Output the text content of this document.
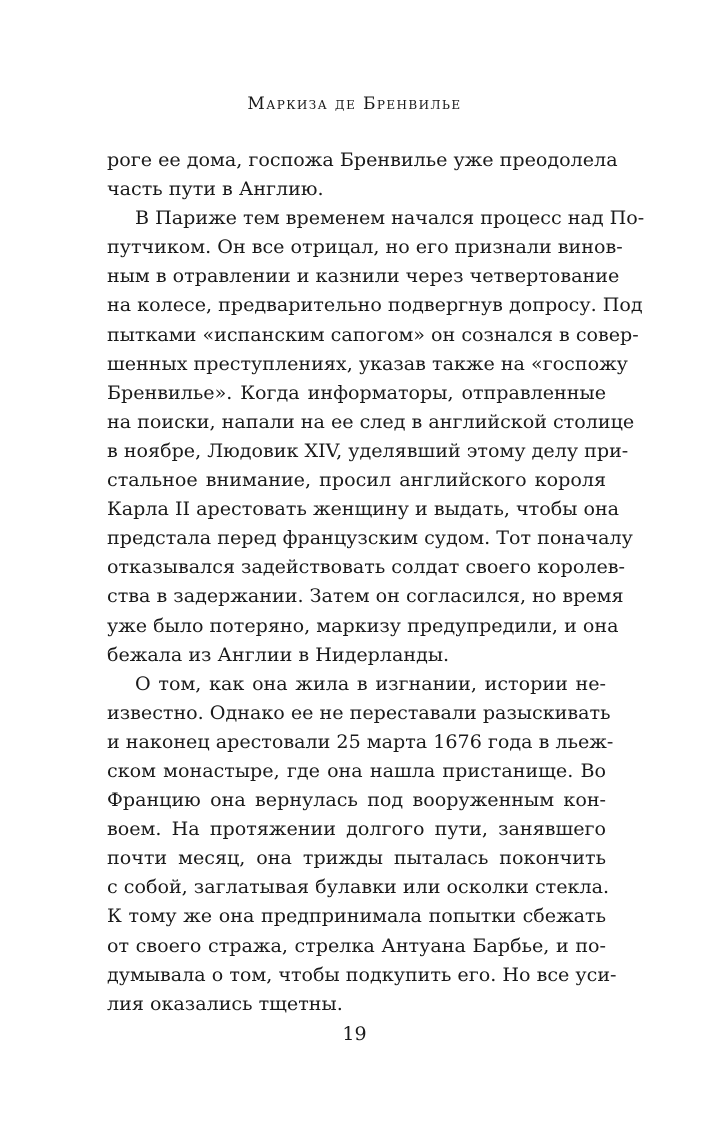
Маркиза де Бренвилье
роге ее дома, госпожа Бренвилье уже преодолела
часть пути в Англию.
В Париже тем временем начался процесс над По-
путчиком. Он все отрицал, но его признали винов-
ным в отравлении и казнили через четвертование
на колесе, предварительно подвергнув допросу. Под
пытками «испанским сапогом» он сознался в совер-
шенных преступлениях, указав также на «госпожу
Бренвилье». Когда информаторы, отправленные
на поиски, напали на ее след в английской столице
в ноябре, Людовик XIV, уделявший этому делу при-
стальное внимание, просил английского короля
Карла II арестовать женщину и выдать, чтобы она
предстала перед французским судом. Тот поначалу
отказывался задействовать солдат своего королев-
ства в задержании. Затем он согласился, но время
уже было потеряно, маркизу предупредили, и она
бежала из Англии в Нидерланды.
О том, как она жила в изгнании, истории не-
известно. Однако ее не переставали разыскивать
и наконец арестовали 25 марта 1676 года в льеж-
ском монастыре, где она нашла пристанище. Во
Францию она вернулась под вооруженным кон-
воем. На протяжении долгого пути, занявшего
почти месяц, она трижды пыталась покончить
с собой, заглатывая булавки или осколки стекла.
К тому же она предпринимала попытки сбежать
от своего стража, стрелка Антуана Барбье, и по-
думывала о том, чтобы подкупить его. Но все уси-
лия оказались тщетны.
19
